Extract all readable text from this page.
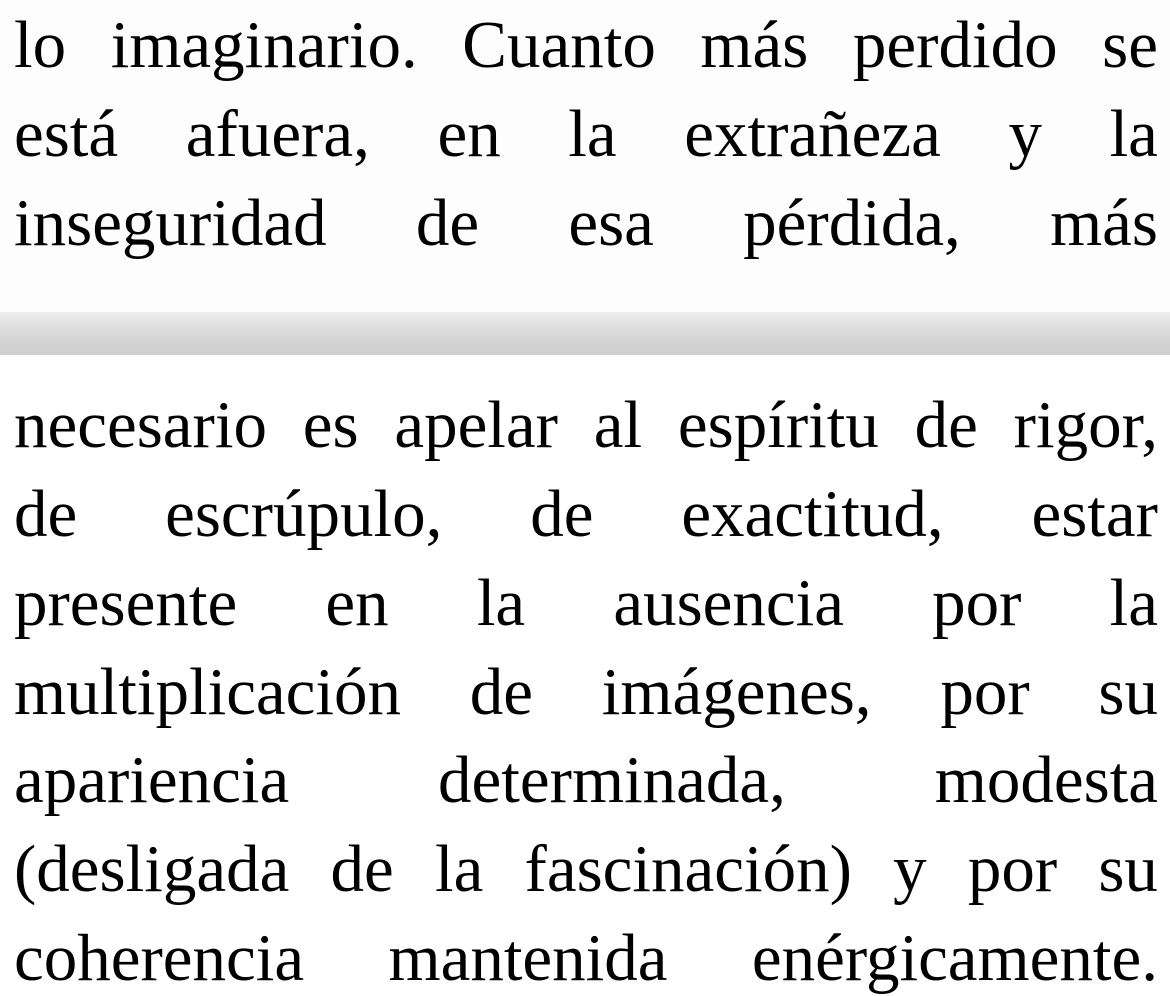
lo imaginario. Cuanto más perdido se
está afuera, en la extrañeza y la
inseguridad de esa pérdida, más
necesario es apelar al espíritu de rigor,
de escrúpulo, de exactitud, estar
presente en la ausencia por la
multiplicación de imágenes, por su
apariencia determinada, modesta
(desligada de la fascinación) y por su
coherencia mantenida enérgicamente.
